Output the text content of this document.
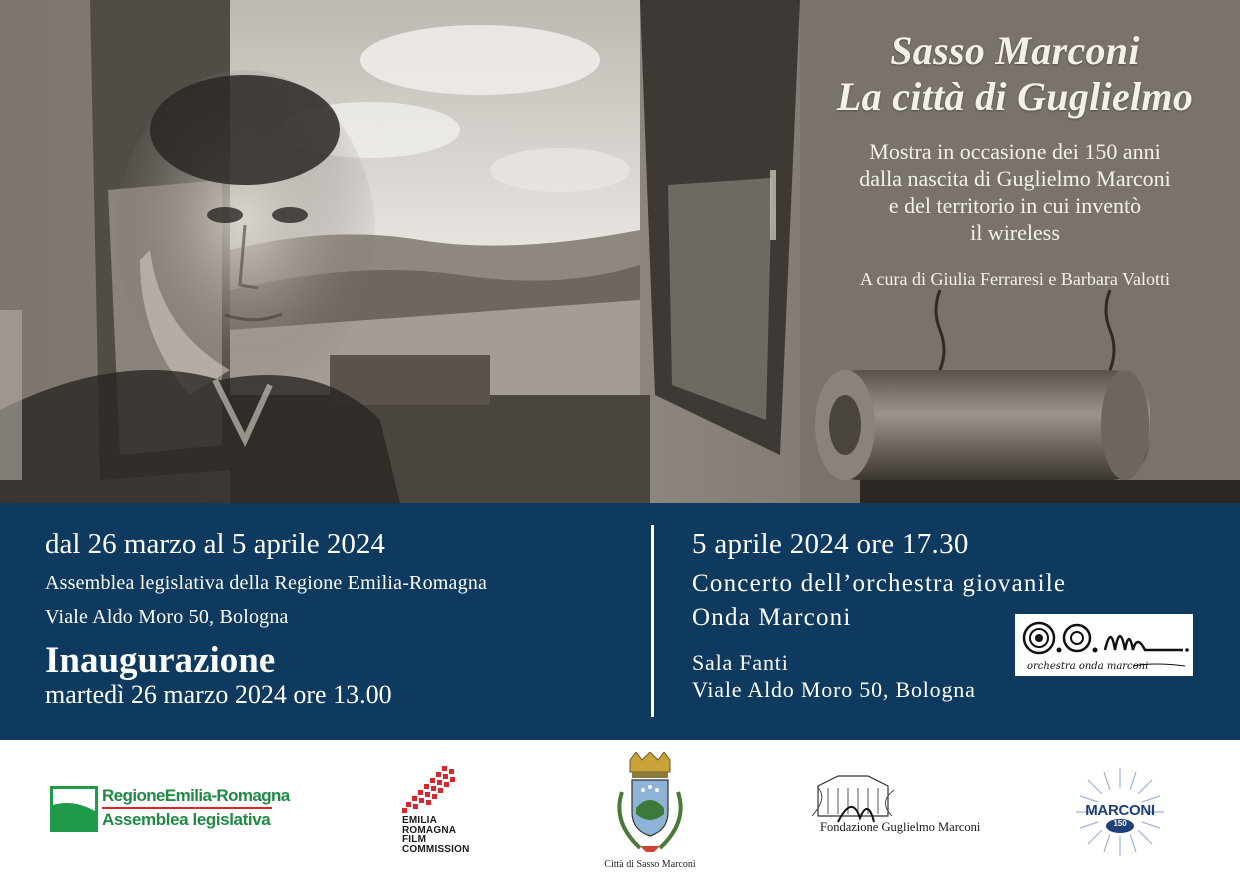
Sasso Marconi
La città di Guglielmo
Mostra in occasione dei 150 anni
dalla nascita di Guglielmo Marconi
e del territorio in cui inventò
il wireless
A cura di Giulia Ferraresi e Barbara Valotti
dal 26 marzo al 5 aprile 2024
Assemblea legislativa della Regione Emilia-Romagna
Viale Aldo Moro 50, Bologna
Inaugurazione
martedì 26 marzo 2024 ore 13.00
5 aprile 2024 ore 17.30
Concerto dell’orchestra giovanile
Onda Marconi
Sala Fanti
Viale Aldo Moro 50, Bologna
orchestra onda marconi
RegioneEmilia-Romagna
Assemblea legislativa	EMILIA
ROMAGNA
FILM
COMMISSION
Città di Sasso Marconi
Fondazione Guglielmo Marconi
MARCONI
150
